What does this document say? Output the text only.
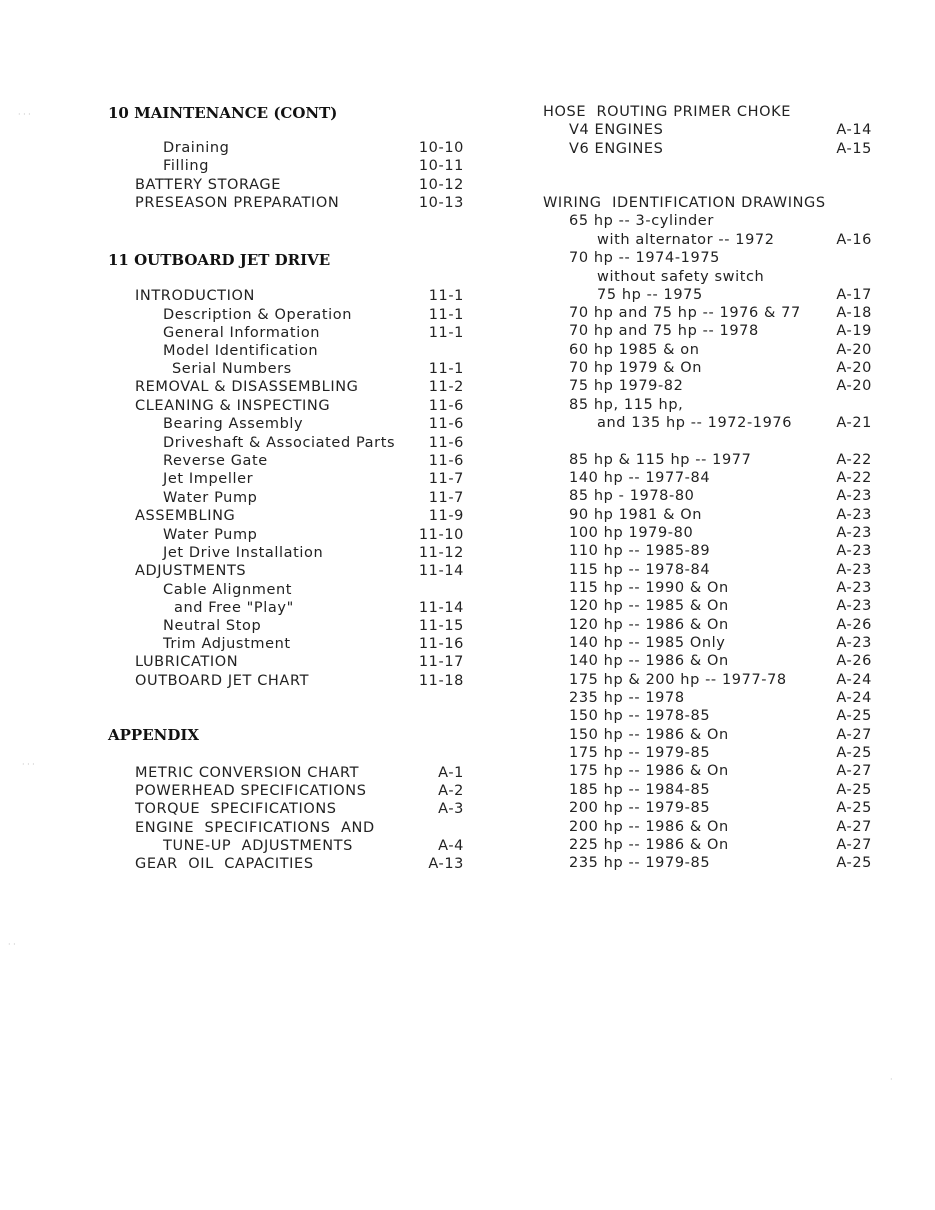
10 MAINTENANCE (CONT)
Draining	10-10
Filling	10-11
BATTERY STORAGE	10-12
PRESEASON PREPARATION	10-13
11 OUTBOARD JET DRIVE
INTRODUCTION	11-1
Description & Operation	11-1
General Information	11-1
Model Identification
Serial Numbers	11-1
REMOVAL & DISASSEMBLING	11-2
CLEANING & INSPECTING	11-6
Bearing Assembly	11-6
Driveshaft & Associated Parts	11-6
Reverse Gate	11-6
Jet Impeller	11-7
Water Pump	11-7
ASSEMBLING	11-9
Water Pump	11-10
Jet Drive Installation	11-12
ADJUSTMENTS	11-14
Cable Alignment
and Free "Play"	11-14
Neutral Stop	11-15
Trim Adjustment	11-16
LUBRICATION	11-17
OUTBOARD JET CHART	11-18
APPENDIX
METRIC CONVERSION CHART	A-1
POWERHEAD SPECIFICATIONS	A-2
TORQUE  SPECIFICATIONS	A-3
ENGINE  SPECIFICATIONS  AND
TUNE-UP  ADJUSTMENTS	A-4
GEAR  OIL  CAPACITIES	A-13
HOSE  ROUTING PRIMER CHOKE
V4 ENGINES	A-14
V6 ENGINES	A-15
WIRING  IDENTIFICATION DRAWINGS
65 hp -- 3-cylinder
with alternator -- 1972	A-16
70 hp -- 1974-1975
without safety switch
75 hp -- 1975	A-17
70 hp and 75 hp -- 1976 & 77	A-18
70 hp and 75 hp -- 1978	A-19
60 hp 1985 & on	A-20
70 hp 1979 & On	A-20
75 hp 1979-82	A-20
85 hp, 115 hp,
and 135 hp -- 1972-1976	A-21
85 hp & 115 hp -- 1977	A-22
140 hp -- 1977-84	A-22
85 hp - 1978-80	A-23
90 hp 1981 & On	A-23
100 hp 1979-80	A-23
110 hp -- 1985-89	A-23
115 hp -- 1978-84	A-23
115 hp -- 1990 & On	A-23
120 hp -- 1985 & On	A-23
120 hp -- 1986 & On	A-26
140 hp -- 1985 Only	A-23
140 hp -- 1986 & On	A-26
175 hp & 200 hp -- 1977-78	A-24
235 hp -- 1978	A-24
150 hp -- 1978-85	A-25
150 hp -- 1986 & On	A-27
175 hp -- 1979-85	A-25
175 hp -- 1986 & On	A-27
185 hp -- 1984-85	A-25
200 hp -- 1979-85	A-25
200 hp -- 1986 & On	A-27
225 hp -- 1986 & On	A-27
235 hp -- 1979-85	A-25
· · ·
· · ·
· ·
·
